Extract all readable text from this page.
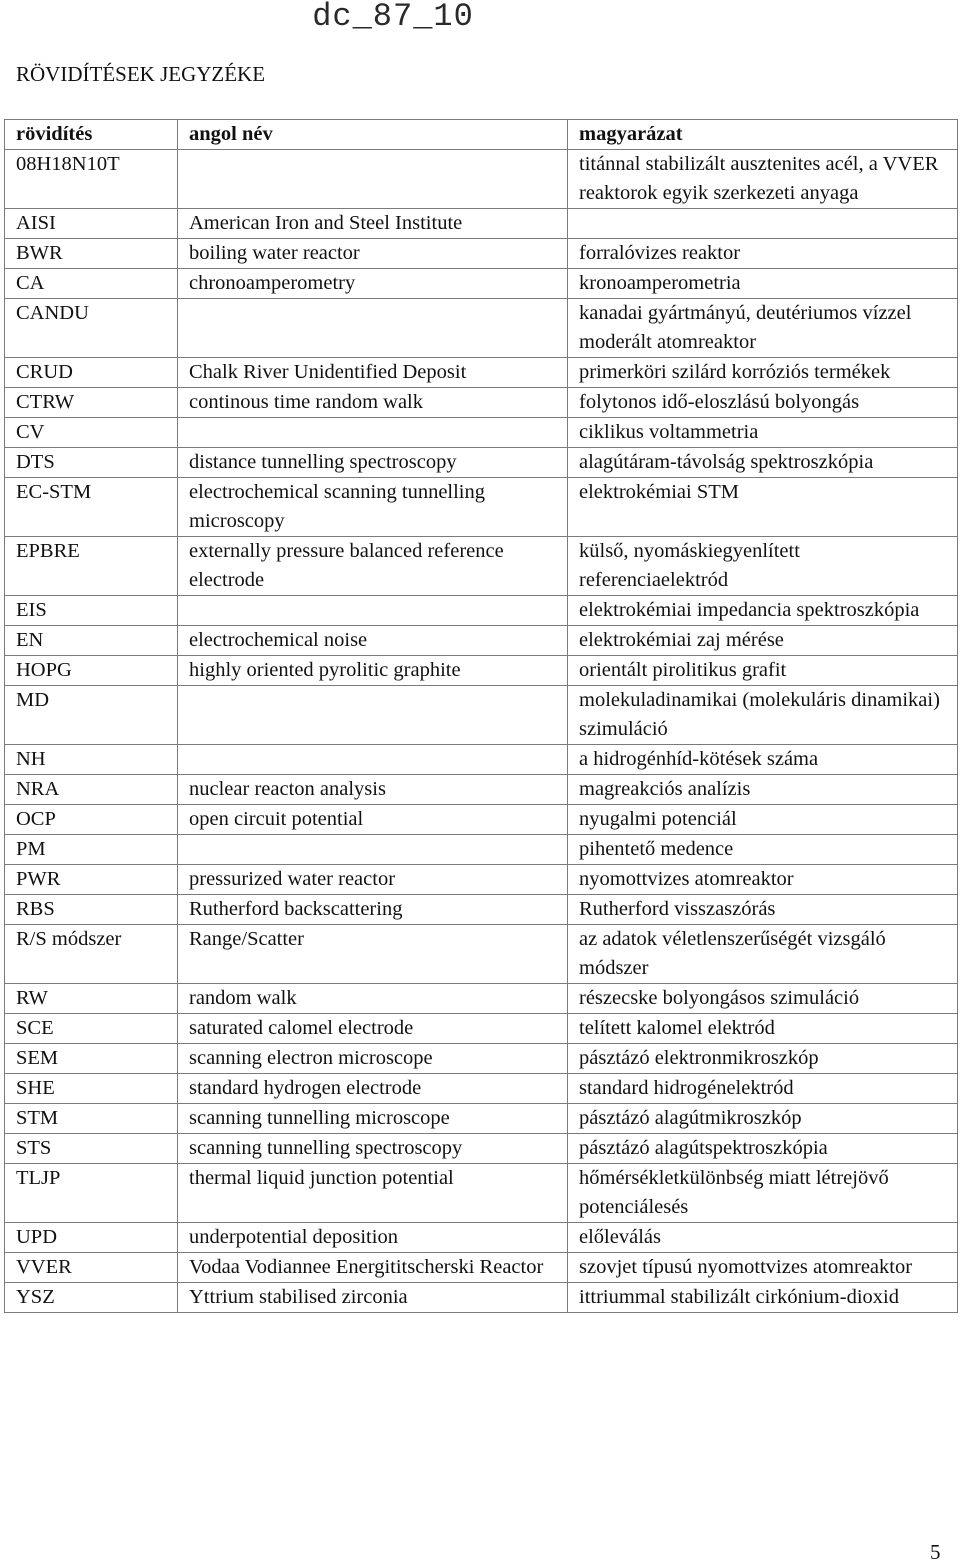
dc_87_10
RÖVIDÍTÉSEK JEGYZÉKE
rövidítés	angol név	magyarázat
08H18N10T		titánnal stabilizált ausztenites acél, a VVER reaktorok egyik szerkezeti anyaga
AISI	American Iron and Steel Institute	
BWR	boiling water reactor	forralóvizes reaktor
CA	chronoamperometry	kronoamperometria
CANDU		kanadai gyártmányú, deutériumos vízzel moderált atomreaktor
CRUD	Chalk River Unidentified Deposit	primerköri szilárd korróziós termékek
CTRW	continous time random walk	folytonos idő-eloszlású bolyongás
CV		ciklikus voltammetria
DTS	distance tunnelling spectroscopy	alagútáram-távolság spektroszkópia
EC-STM	electrochemical scanning tunnelling microscopy	elektrokémiai STM
EPBRE	externally pressure balanced reference electrode	külső, nyomáskiegyenlített referenciaelektród
EIS		elektrokémiai impedancia spektroszkópia
EN	electrochemical noise	elektrokémiai zaj mérése
HOPG	highly oriented pyrolitic graphite	orientált pirolitikus grafit
MD		molekuladinamikai (molekuláris dinamikai) szimuláció
NH		a hidrogénhíd-kötések száma
NRA	nuclear reacton analysis	magreakciós analízis
OCP	open circuit potential	nyugalmi potenciál
PM		pihentető medence
PWR	pressurized water reactor	nyomottvizes atomreaktor
RBS	Rutherford backscattering	Rutherford visszaszórás
R/S módszer	Range/Scatter	az adatok véletlenszerűségét vizsgáló módszer
RW	random walk	részecske bolyongásos szimuláció
SCE	saturated calomel electrode	telített kalomel elektród
SEM	scanning electron microscope	pásztázó elektronmikroszkóp
SHE	standard hydrogen electrode	standard hidrogénelektród
STM	scanning tunnelling microscope	pásztázó alagútmikroszkóp
STS	scanning tunnelling spectroscopy	pásztázó alagútspektroszkópia
TLJP	thermal liquid junction potential	hőmérsékletkülönbség miatt létrejövő potenciálesés
UPD	underpotential deposition	előleválás
VVER	Vodaa Vodiannee Energititscherski Reactor	szovjet típusú nyomottvizes atomreaktor
YSZ	Yttrium stabilised zirconia	ittriummal stabilizált cirkónium-dioxid
5
